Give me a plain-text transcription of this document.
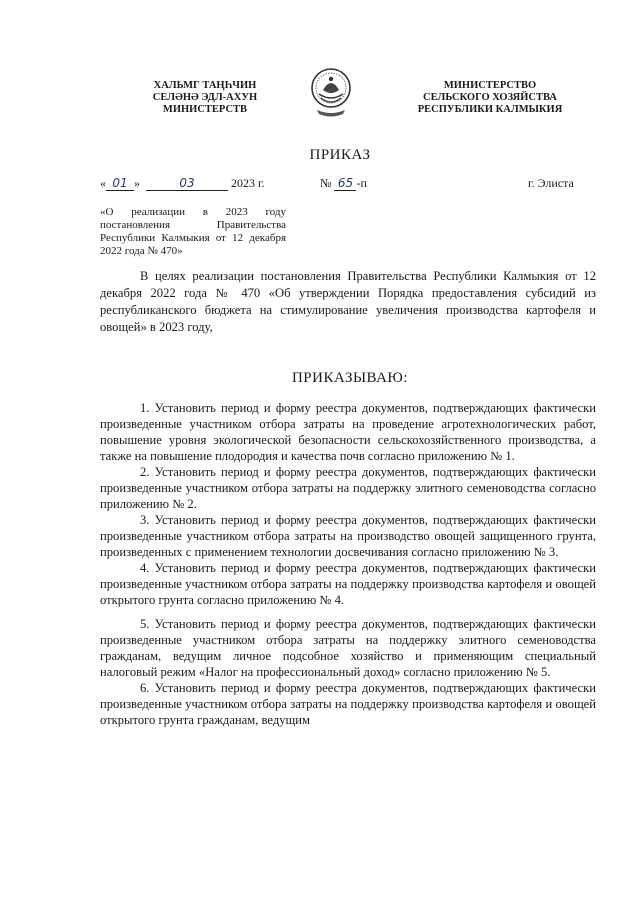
ХАЛЬМГ ТАҢҺЧИН
СЕЛӘНӘ ЭДЛ-АХУН
МИНИСТЕРСТВ
МИНИСТЕРСТВО
СЕЛЬСКОГО ХОЗЯЙСТВА
РЕСПУБЛИКИ КАЛМЫКИЯ
ПРИКАЗ
« 01 »	03	2023 г.	№ 65 -п	г. Элиста
«О реализации в 2023 году постановления Правительства Республики Калмыкия от 12 декабря 2022 года № 470»

В целях реализации постановления Правительства Республики Калмыкия от 12 декабря 2022 года № 470 «Об утверждении Порядка предоставления субсидий из республиканского бюджета на стимулирование увеличения производства картофеля и овощей» в 2023 году,

ПРИКАЗЫВАЮ:

1. Установить период и форму реестра документов, подтверждающих фактически произведенные участником отбора затраты на проведение агротехнологических работ, повышение уровня экологической безопасности сельскохозяйственного производства, а также на повышение плодородия и качества почв согласно приложению № 1.

2. Установить период и форму реестра документов, подтверждающих фактически произведенные участником отбора затраты на поддержку элитного семеноводства согласно приложению № 2.

3. Установить период и форму реестра документов, подтверждающих фактически произведенные участником отбора затраты на производство овощей защищенного грунта, произведенных с применением технологии досвечивания согласно приложению № 3.

4. Установить период и форму реестра документов, подтверждающих фактически произведенные участником отбора затраты на поддержку производства картофеля и овощей открытого грунта согласно приложению № 4.

5. Установить период и форму реестра документов, подтверждающих фактически произведенные участником отбора затраты на поддержку элитного семеноводства гражданам, ведущим личное подсобное хозяйство и применяющим специальный налоговый режим «Налог на профессиональный доход» согласно приложению № 5.

6. Установить период и форму реестра документов, подтверждающих фактически произведенные участником отбора затраты на поддержку производства картофеля и овощей открытого грунта гражданам, ведущим
